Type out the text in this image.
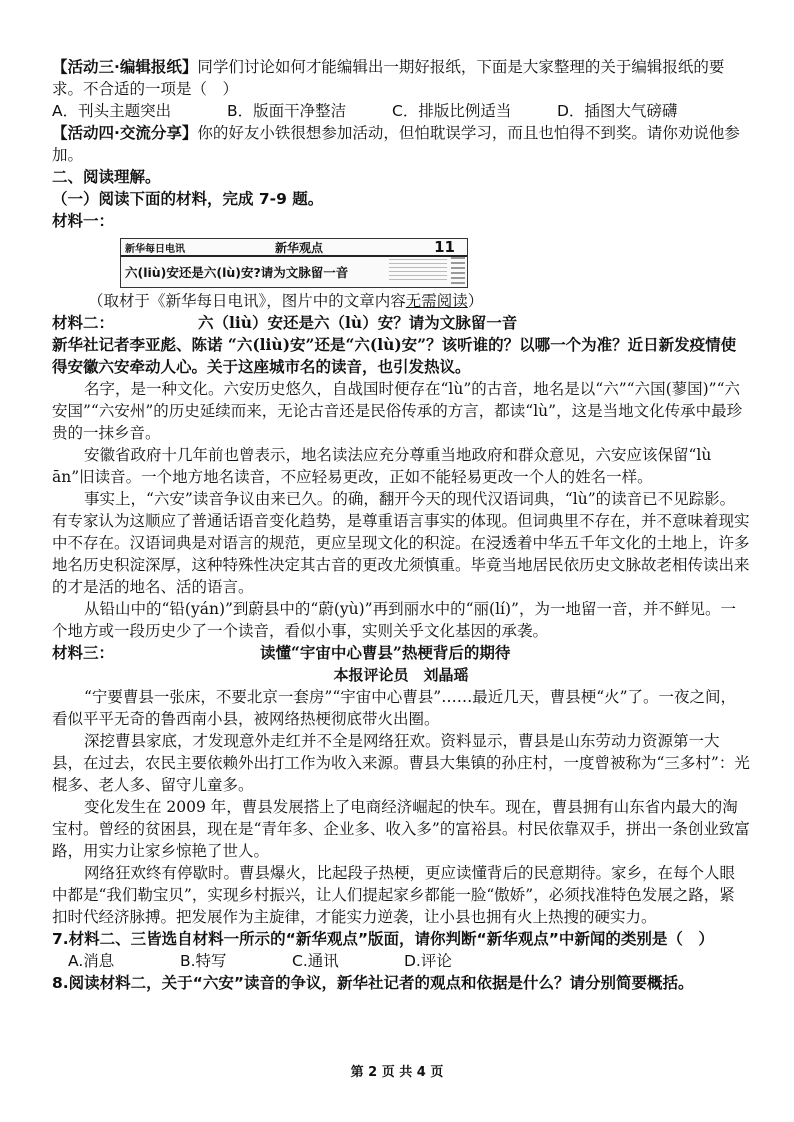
【活动三·编辑报纸】同学们讨论如何才能编辑出一期好报纸，下面是大家整理的关于编辑报纸的要求。不合适的一项是（　）

A．刊头主题突出	B．版面干净整洁	C．排版比例适当	D．插图大气磅礴

【活动四·交流分享】你的好友小铁很想参加活动，但怕耽误学习，而且也怕得不到奖。请你劝说他参加。

二、阅读理解。

（一）阅读下面的材料，完成 7-9 题。

材料一：

新华每日电讯	新华观点	11
六(liù)安还是六(lù)安?请为文脉留一音
（取材于《新华每日电讯》，图片中的文章内容无需阅读）
材料二：	六（liù）安还是六（lù）安？请为文脉留一音

新华社记者李亚彪、陈诺 “六(liù)安”还是“六(lù)安”？该听谁的？以哪一个为准？近日新发疫情使得安徽六安牵动人心。关于这座城市名的读音，也引发热议。

名字，是一种文化。六安历史悠久，自战国时便存在“lù”的古音，地名是以“六”“六国(蓼国)”“六安国”“六安州”的历史延续而来，无论古音还是民俗传承的方言，都读“lù”，这是当地文化传承中最珍贵的一抹乡音。

安徽省政府十几年前也曾表示，地名读法应充分尊重当地政府和群众意见，六安应该保留“lù ān”旧读音。一个地方地名读音，不应轻易更改，正如不能轻易更改一个人的姓名一样。

事实上，“六安”读音争议由来已久。的确，翻开今天的现代汉语词典，“lù”的读音已不见踪影。有专家认为这顺应了普通话语音变化趋势，是尊重语言事实的体现。但词典里不存在，并不意味着现实中不存在。汉语词典是对语言的规范，更应呈现文化的积淀。在浸透着中华五千年文化的土地上，许多地名历史积淀深厚，这种特殊性决定其古音的更改尤须慎重。毕竟当地居民依历史文脉故老相传读出来的才是活的地名、活的语言。

从铅山中的“铅(yán)”到蔚县中的“蔚(yù)”再到丽水中的“丽(lí)”，为一地留一音，并不鲜见。一个地方或一段历史少了一个读音，看似小事，实则关乎文化基因的承袭。

材料三：	读懂“宇宙中心曹县”热梗背后的期待
本报评论员　刘晶瑶

“宁要曹县一张床，不要北京一套房”“宇宙中心曹县”……最近几天，曹县梗“火”了。一夜之间，看似平平无奇的鲁西南小县，被网络热梗彻底带火出圈。

深挖曹县家底，才发现意外走红并不全是网络狂欢。资料显示，曹县是山东劳动力资源第一大县，在过去，农民主要依赖外出打工作为收入来源。曹县大集镇的孙庄村，一度曾被称为“三多村”：光棍多、老人多、留守儿童多。

变化发生在 2009 年，曹县发展搭上了电商经济崛起的快车。现在，曹县拥有山东省内最大的淘宝村。曾经的贫困县，现在是“青年多、企业多、收入多”的富裕县。村民依靠双手，拼出一条创业致富路，用实力让家乡惊艳了世人。

网络狂欢终有停歇时。曹县爆火，比起段子热梗，更应读懂背后的民意期待。家乡，在每个人眼中都是“我们勒宝贝”，实现乡村振兴，让人们提起家乡都能一脸“傲娇”，必须找准特色发展之路，紧扣时代经济脉搏。把发展作为主旋律，才能实力逆袭，让小县也拥有火上热搜的硬实力。

7.材料二、三皆选自材料一所示的“新华观点”版面，请你判断“新华观点”中新闻的类别是（　）

A.消息	B.特写	C.通讯	D.评论

8.阅读材料二，关于“六安”读音的争议，新华社记者的观点和依据是什么？请分别简要概括。

第 2 页 共 4 页
